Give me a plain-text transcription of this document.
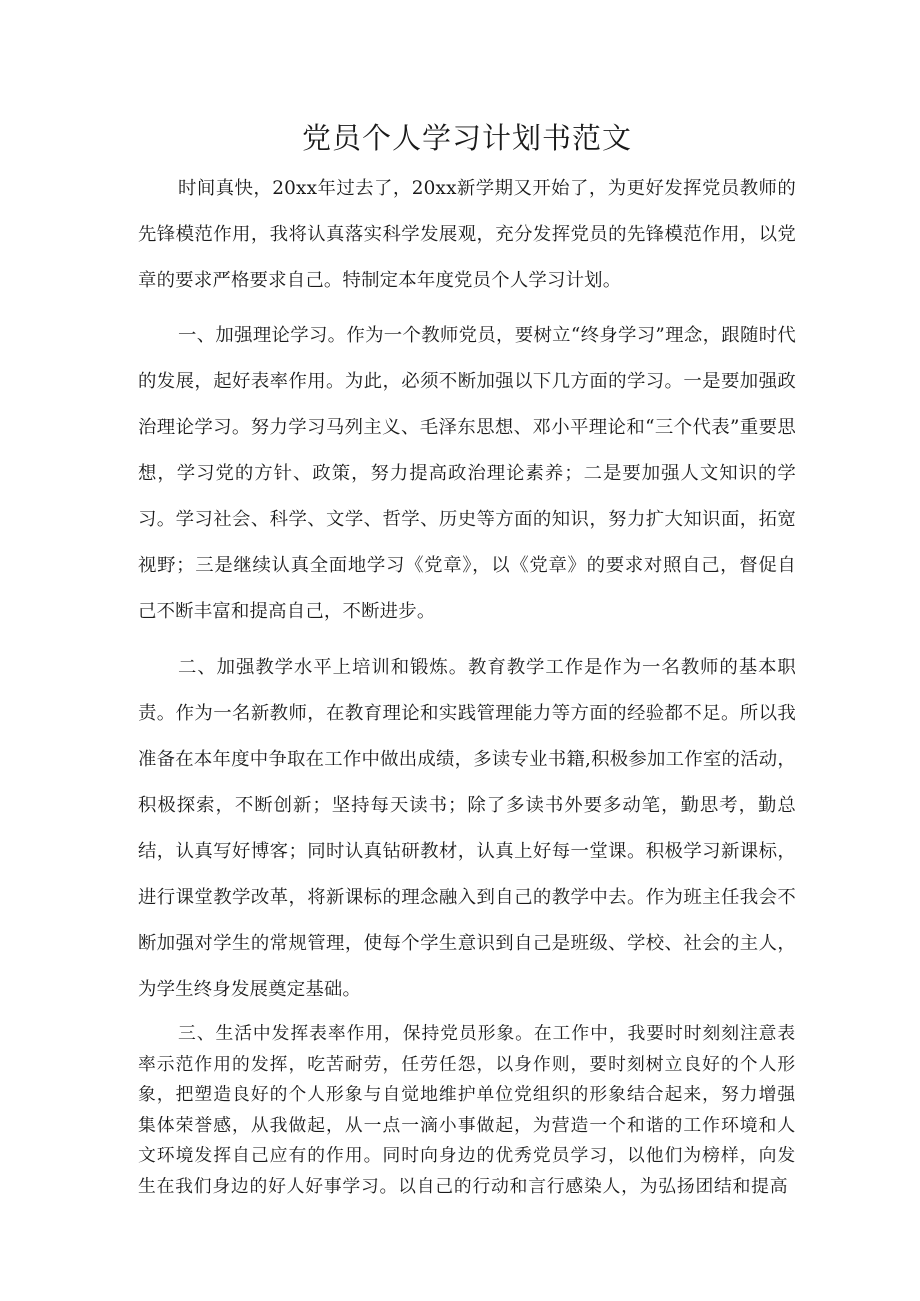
党员个人学习计划书范文

时间真快，20xx年过去了，20xx新学期又开始了，为更好发挥党员教师的先锋模范作用，我将认真落实科学发展观，充分发挥党员的先锋模范作用，以党章的要求严格要求自己。特制定本年度党员个人学习计划。

一、加强理论学习。作为一个教师党员，要树立“终身学习”理念，跟随时代的发展，起好表率作用。为此，必须不断加强以下几方面的学习。一是要加强政治理论学习。努力学习马列主义、毛泽东思想、邓小平理论和“三个代表”重要思想，学习党的方针、政策，努力提高政治理论素养；二是要加强人文知识的学习。学习社会、科学、文学、哲学、历史等方面的知识，努力扩大知识面，拓宽视野；三是继续认真全面地学习《党章》，以《党章》的要求对照自己，督促自己不断丰富和提高自己，不断进步。

二、加强教学水平上培训和锻炼。教育教学工作是作为一名教师的基本职责。作为一名新教师，在教育理论和实践管理能力等方面的经验都不足。所以我准备在本年度中争取在工作中做出成绩，多读专业书籍,积极参加工作室的活动，积极探索，不断创新；坚持每天读书；除了多读书外要多动笔，勤思考，勤总结，认真写好博客；同时认真钻研教材，认真上好每一堂课。积极学习新课标，进行课堂教学改革，将新课标的理念融入到自己的教学中去。作为班主任我会不断加强对学生的常规管理，使每个学生意识到自己是班级、学校、社会的主人，为学生终身发展奠定基础。

三、生活中发挥表率作用，保持党员形象。在工作中，我要时时刻刻注意表率示范作用的发挥，吃苦耐劳，任劳任怨，以身作则，要时刻树立良好的个人形象，把塑造良好的个人形象与自觉地维护单位党组织的形象结合起来，努力增强集体荣誉感，从我做起，从一点一滴小事做起，为营造一个和谐的工作环境和人文环境发挥自己应有的作用。同时向身边的优秀党员学习，以他们为榜样，向发生在我们身边的好人好事学习。以自己的行动和言行感染人，为弘扬团结和提高
